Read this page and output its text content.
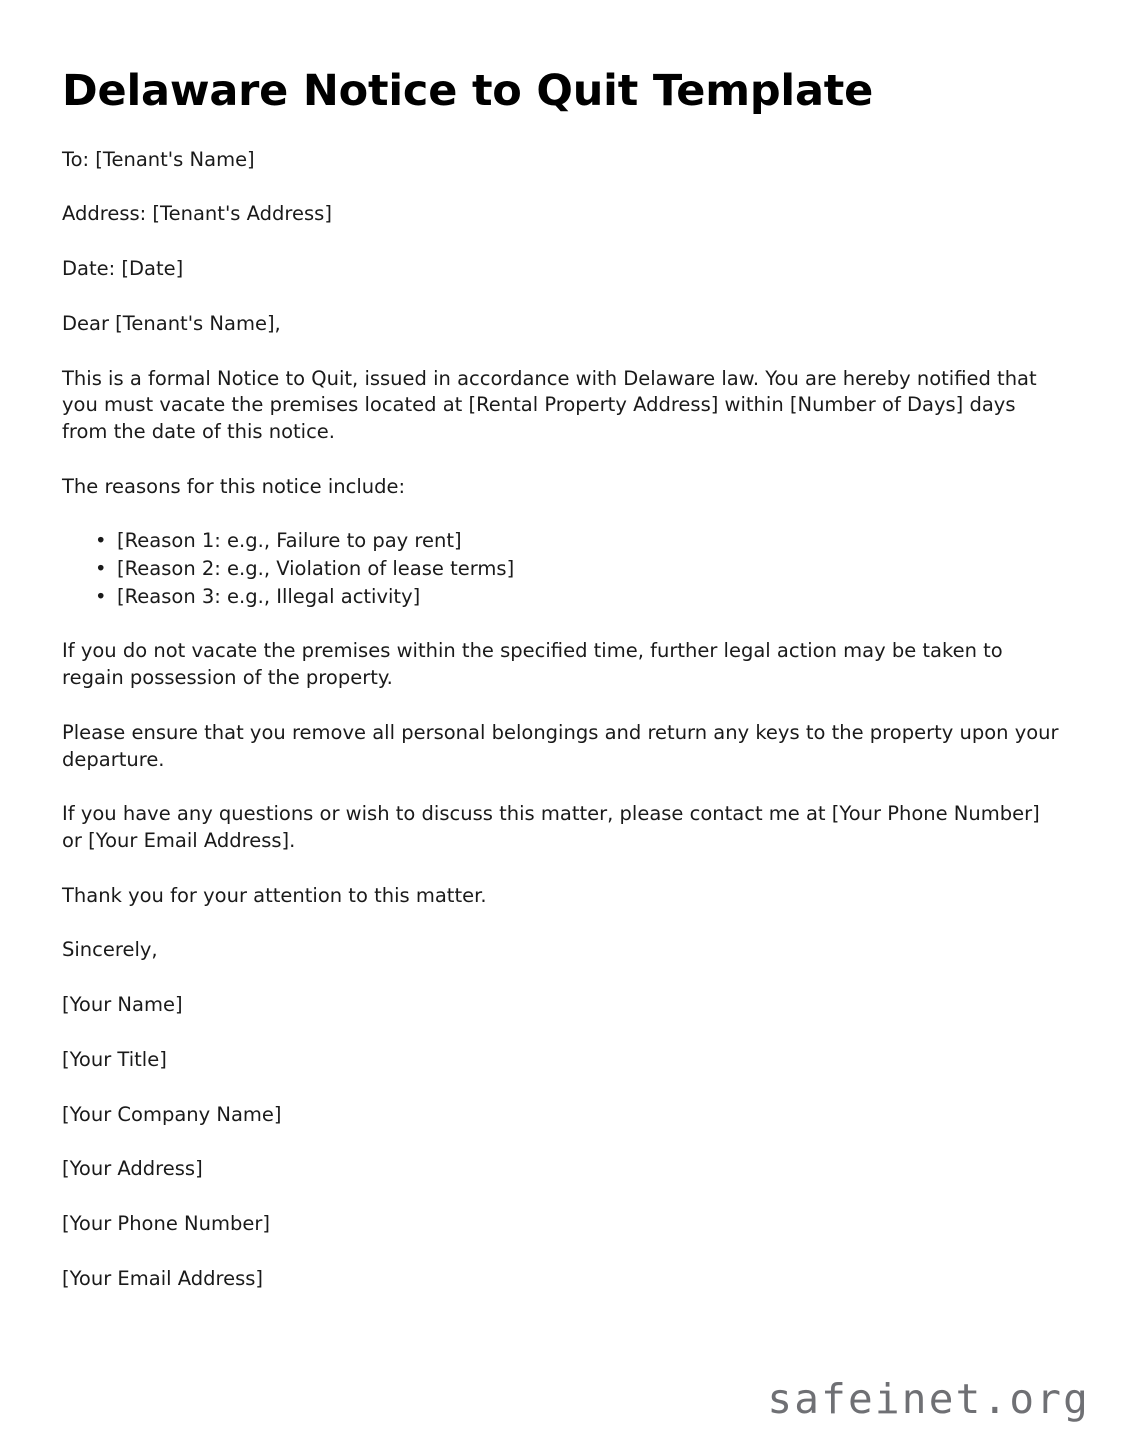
Delaware Notice to Quit Template

To: [Tenant's Name]

Address: [Tenant's Address]

Date: [Date]

Dear [Tenant's Name],

This is a formal Notice to Quit, issued in accordance with Delaware law. You are hereby notified that you must vacate the premises located at [Rental Property Address] within [Number of Days] days from the date of this notice.

The reasons for this notice include:

• [Reason 1: e.g., Failure to pay rent]
• [Reason 2: e.g., Violation of lease terms]
• [Reason 3: e.g., Illegal activity]

If you do not vacate the premises within the specified time, further legal action may be taken to regain possession of the property.

Please ensure that you remove all personal belongings and return any keys to the property upon your departure.

If you have any questions or wish to discuss this matter, please contact me at [Your Phone Number] or [Your Email Address].

Thank you for your attention to this matter.

Sincerely,

[Your Name]

[Your Title]

[Your Company Name]

[Your Address]

[Your Phone Number]

[Your Email Address]

safeinet.org
